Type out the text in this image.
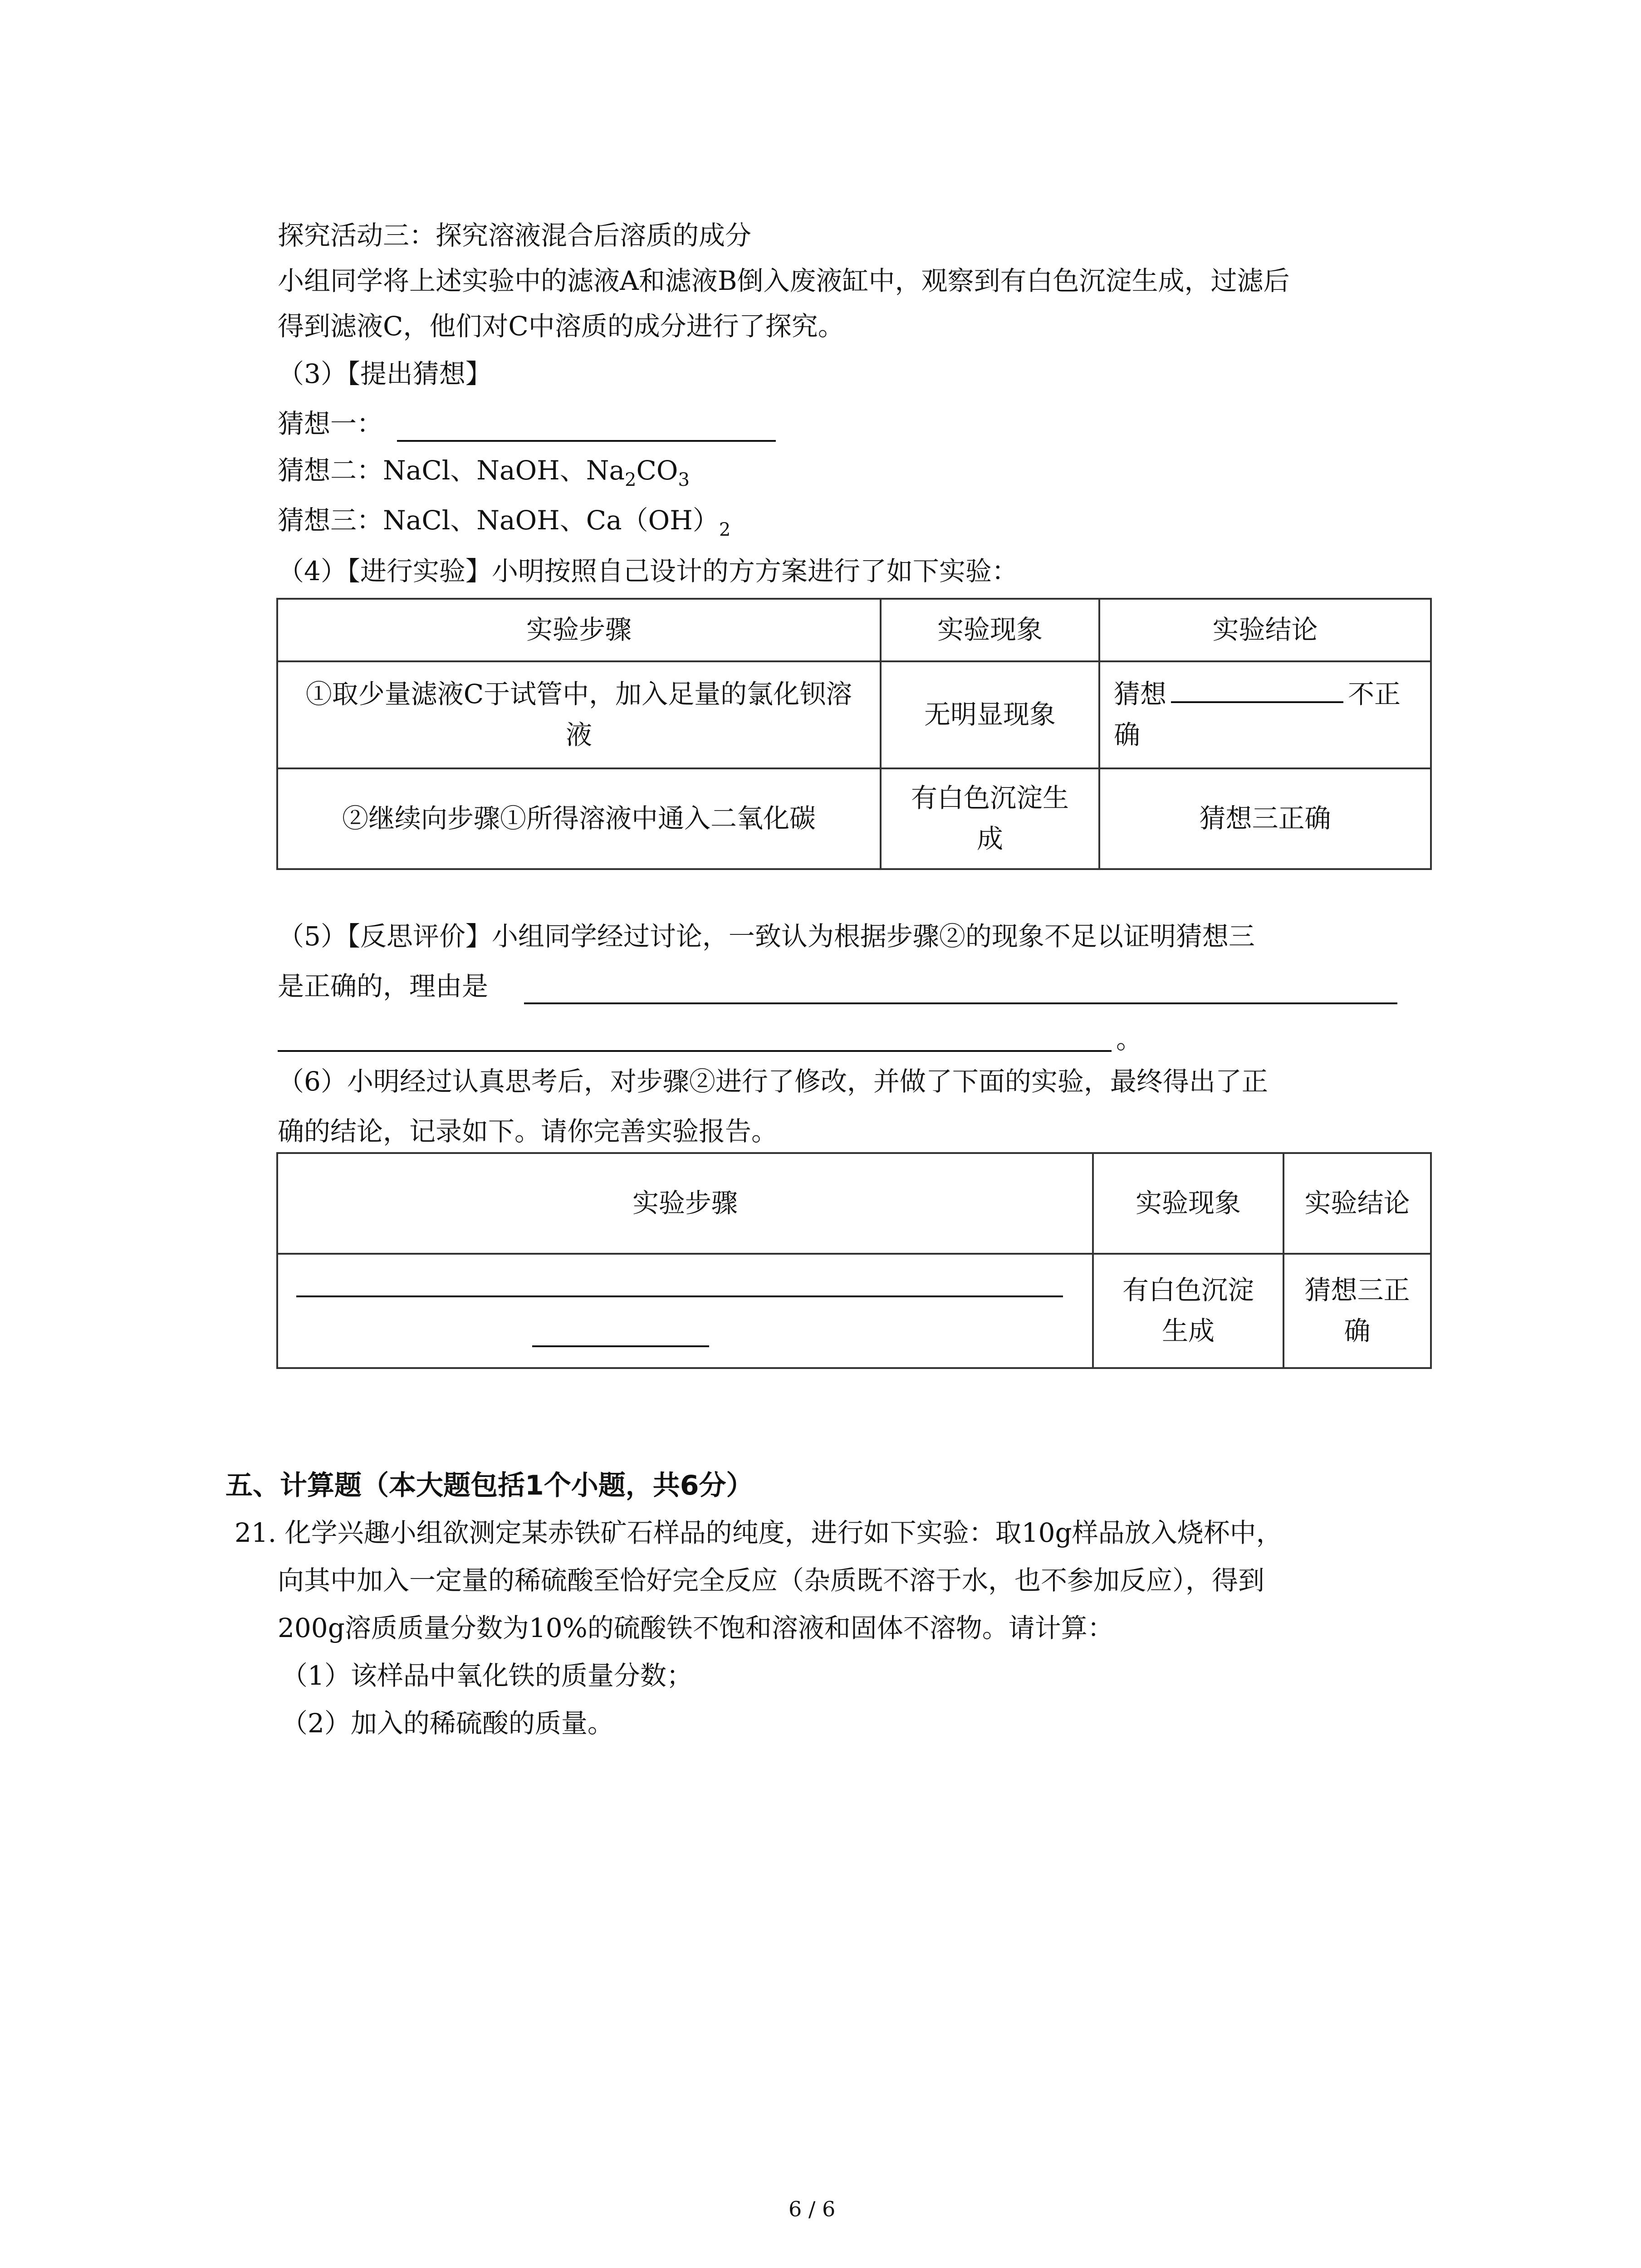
探究活动三：探究溶液混合后溶质的成分
小组同学将上述实验中的滤液A和滤液B倒入废液缸中，观察到有白色沉淀生成，过滤后
得到滤液C，他们对C中溶质的成分进行了探究。
（3）【提出猜想】
猜想一：
猜想二：NaCl、NaOH、$Na_2CO_3$
猜想三：NaCl、NaOH、$Ca(OH)_2$
（4）【进行实验】小明按照自己设计的方方案进行了如下实验：
实验步骤	实验现象	实验结论
①取少量滤液C于试管中，加入足量的氯化钡溶液	无明显现象	猜想 不正确
②继续向步骤①所得溶液中通入二氧化碳	有白色沉淀生成	猜想三正确
（5）【反思评价】小组同学经过讨论，一致认为根据步骤②的现象不足以证明猜想三
是正确的，理由是
。
（6）小明经过认真思考后，对步骤②进行了修改，并做了下面的实验，最终得出了正
确的结论，记录如下。请你完善实验报告。
实验步骤	实验现象	实验结论

	有白色沉淀生成	猜想三正确
五、计算题（本大题包括1个小题，共6分）
21. 化学兴趣小组欲测定某赤铁矿石样品的纯度，进行如下实验：取10g样品放入烧杯中，
向其中加入一定量的稀硫酸至恰好完全反应（杂质既不溶于水，也不参加反应），得到
200g溶质质量分数为10%的硫酸铁不饱和溶液和固体不溶物。请计算：
（1）该样品中氧化铁的质量分数；
（2）加入的稀硫酸的质量。
6 / 6
